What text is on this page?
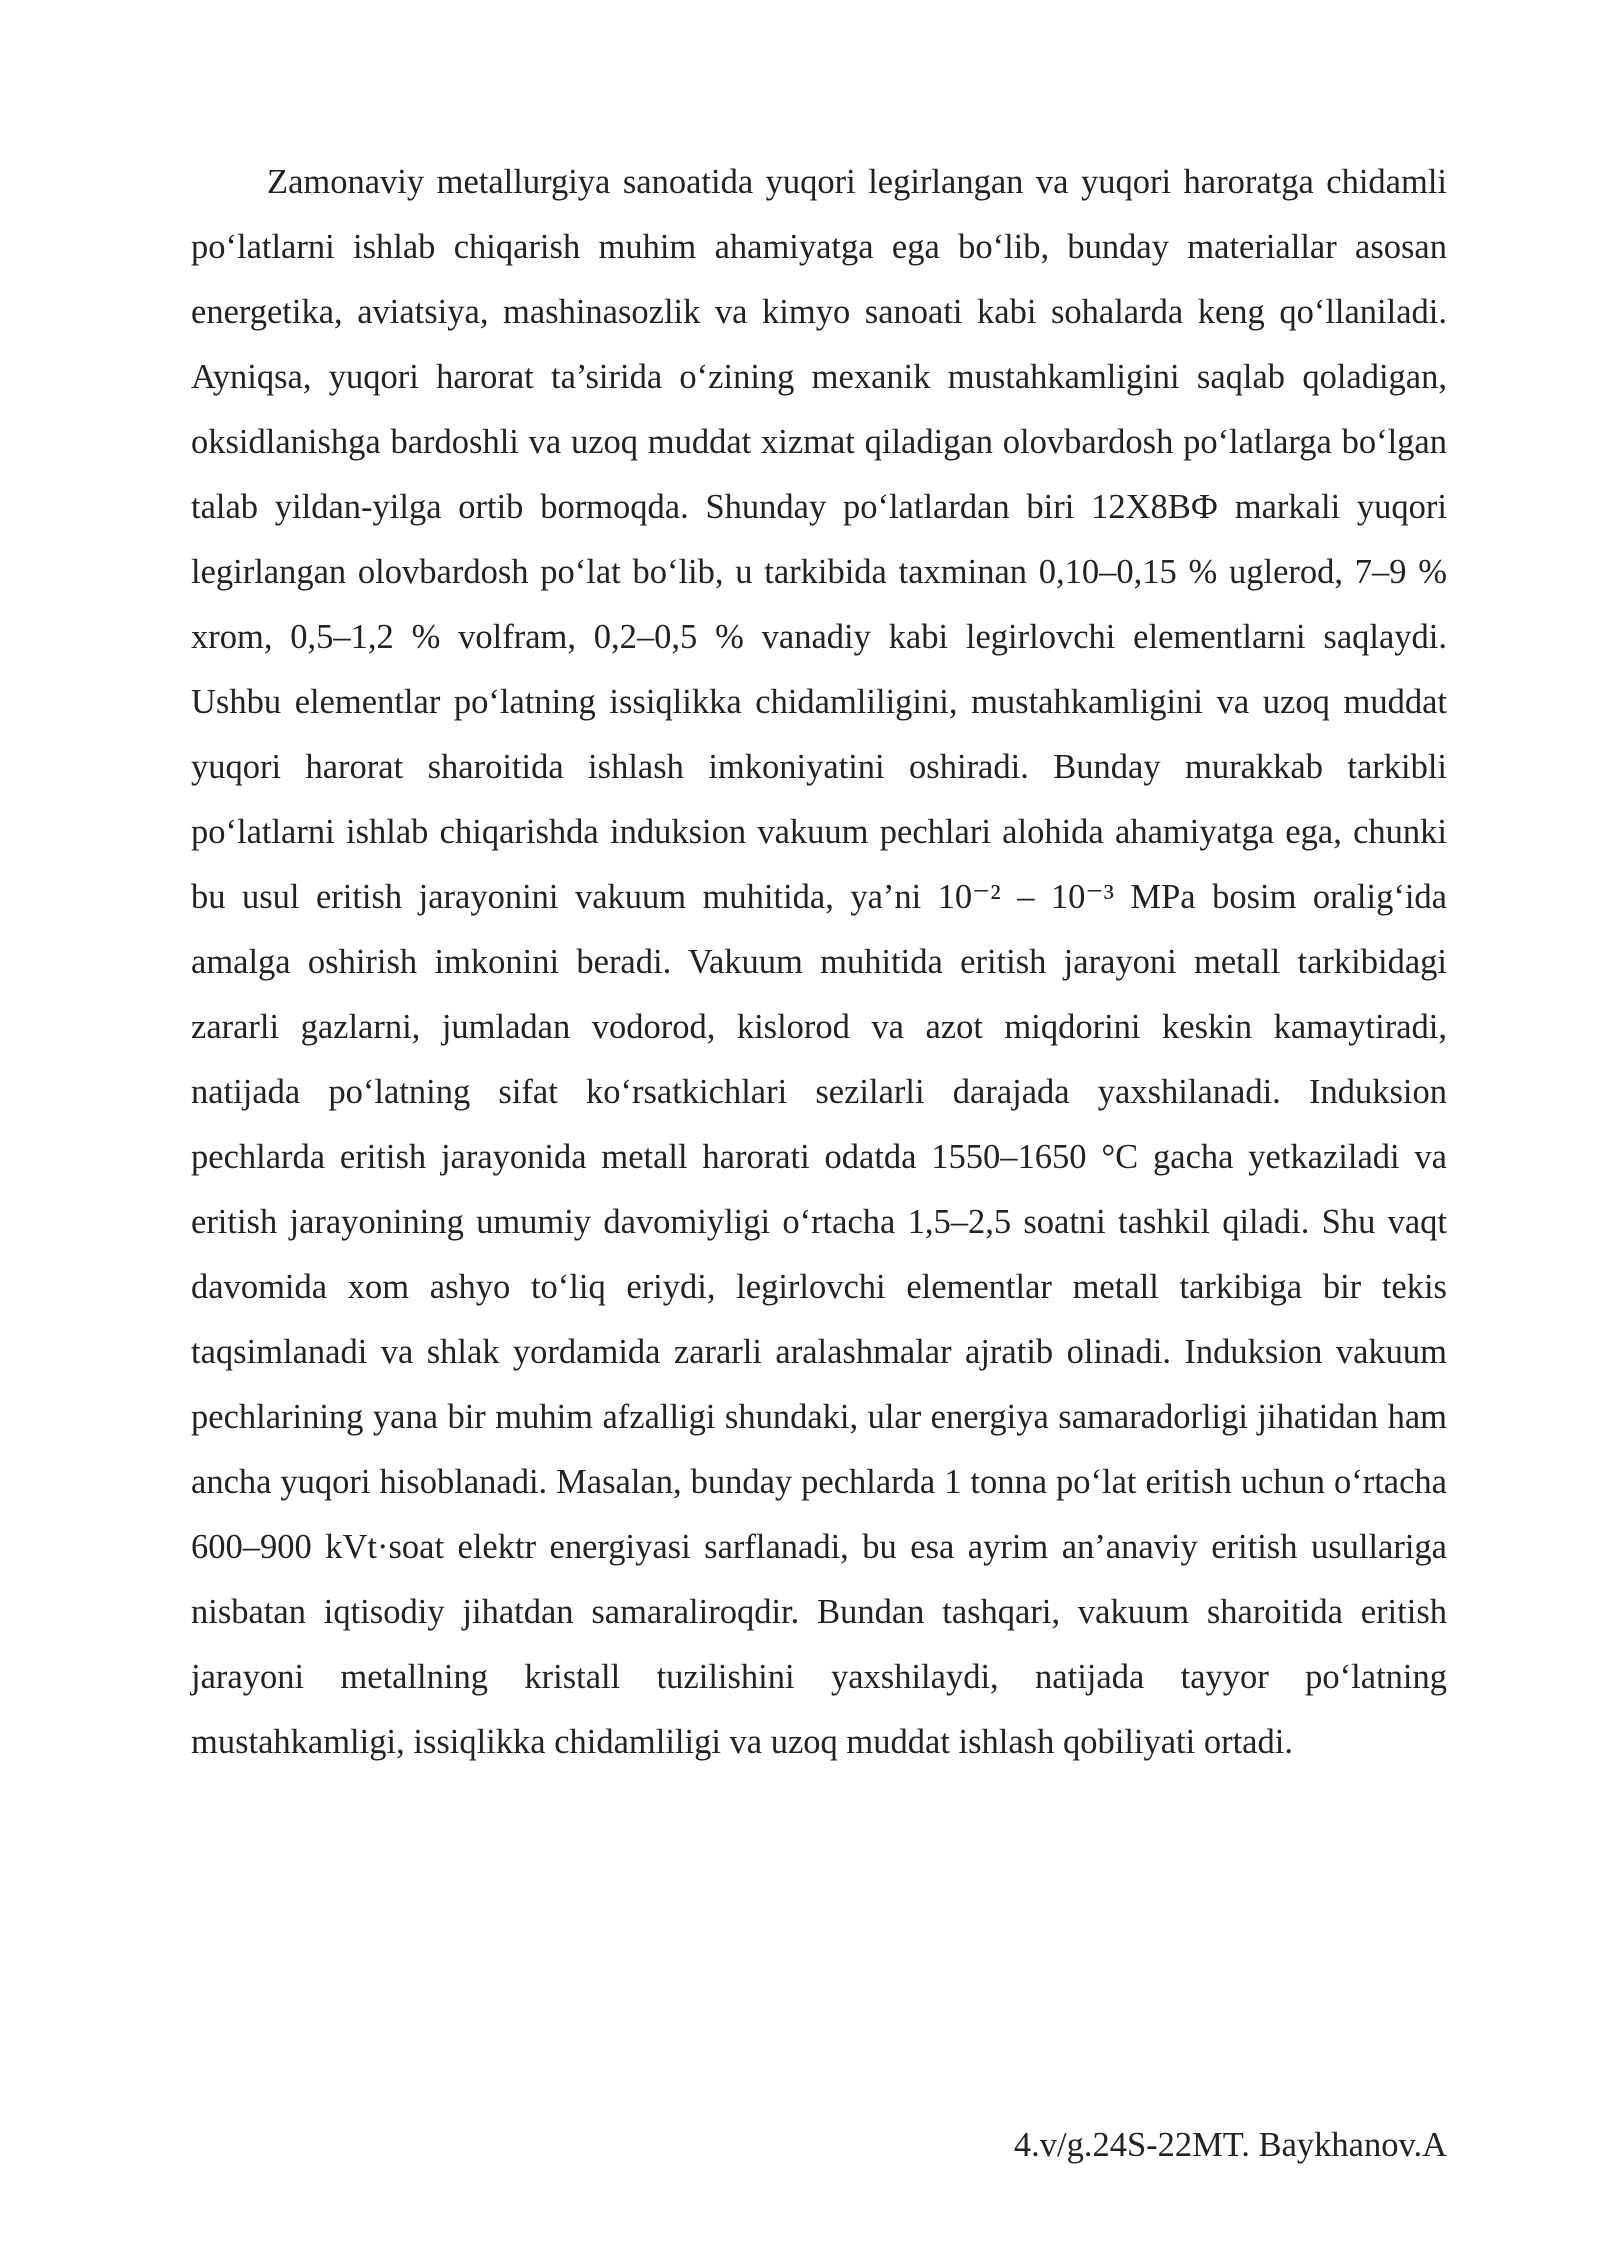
Zamonaviy metallurgiya sanoatida yuqori legirlangan va yuqori haroratga chidamli po‘latlarni ishlab chiqarish muhim ahamiyatga ega bo‘lib, bunday materiallar asosan energetika, aviatsiya, mashinasozlik va kimyo sanoati kabi sohalarda keng qo‘llaniladi. Ayniqsa, yuqori harorat ta’sirida o‘zining mexanik mustahkamligini saqlab qoladigan, oksidlanishga bardoshli va uzoq muddat xizmat qiladigan olovbardosh po‘latlarga bo‘lgan talab yildan-yilga ortib bormoqda. Shunday po‘latlardan biri 12X8BФ markali yuqori legirlangan olovbardosh po‘lat bo‘lib, u tarkibida taxminan 0,10–0,15 % uglerod, 7–9 % xrom, 0,5–1,2 % volfram, 0,2–0,5 % vanadiy kabi legirlovchi elementlarni saqlaydi. Ushbu elementlar po‘latning issiqlikka chidamliligini, mustahkamligini va uzoq muddat yuqori harorat sharoitida ishlash imkoniyatini oshiradi. Bunday murakkab tarkibli po‘latlarni ishlab chiqarishda induksion vakuum pechlari alohida ahamiyatga ega, chunki bu usul eritish jarayonini vakuum muhitida, ya’ni 10⁻² – 10⁻³ MPa bosim oralig‘ida amalga oshirish imkonini beradi. Vakuum muhitida eritish jarayoni metall tarkibidagi zararli gazlarni, jumladan vodorod, kislorod va azot miqdorini keskin kamaytiradi, natijada po‘latning sifat ko‘rsatkichlari sezilarli darajada yaxshilanadi. Induksion pechlarda eritish jarayonida metall harorati odatda 1550–1650 °C gacha yetkaziladi va eritish jarayonining umumiy davomiyligi o‘rtacha 1,5–2,5 soatni tashkil qiladi. Shu vaqt davomida xom ashyo to‘liq eriydi, legirlovchi elementlar metall tarkibiga bir tekis taqsimlanadi va shlak yordamida zararli aralashmalar ajratib olinadi. Induksion vakuum pechlarining yana bir muhim afzalligi shundaki, ular energiya samaradorligi jihatidan ham ancha yuqori hisoblanadi. Masalan, bunday pechlarda 1 tonna po‘lat eritish uchun o‘rtacha 600–900 kVt·soat elektr energiyasi sarflanadi, bu esa ayrim an’anaviy eritish usullariga nisbatan iqtisodiy jihatdan samaraliroqdir. Bundan tashqari, vakuum sharoitida eritish jarayoni metallning kristall tuzilishini yaxshilaydi, natijada tayyor po‘latning mustahkamligi, issiqlikka chidamliligi va uzoq muddat ishlash qobiliyati ortadi.

4.v/g.24S-22MT. Baykhanov.A
